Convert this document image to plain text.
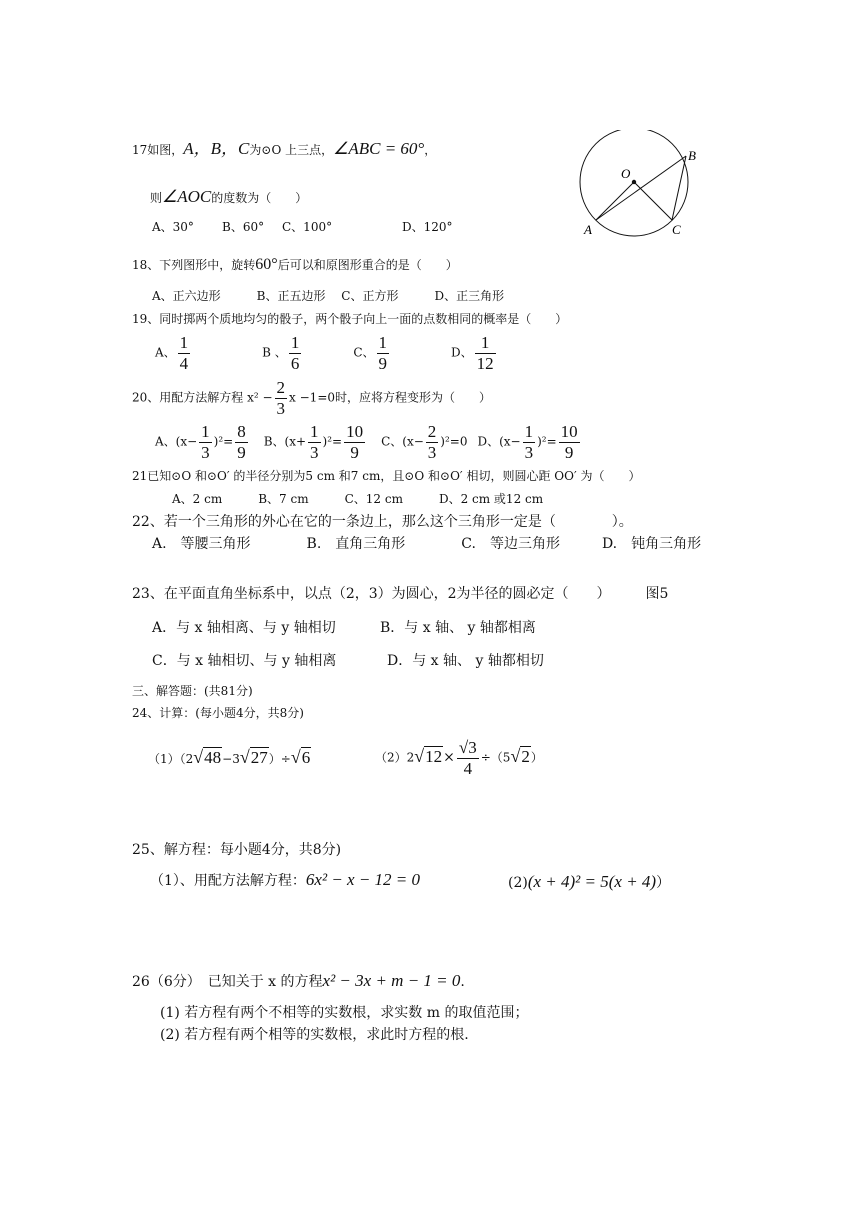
17如图，A，B，C为⊙O 上三点，∠ABC = 60°，
则∠AOC的度数为（　　）
A、30° B、60° C、100°	D、120°
O
A
B
C
18、下列图形中，旋转60°后可以和原图形重合的是（　　）
A、正六边形　　　B、正五边形　 C、正方形　　　D、正三角形
19、同时掷两个质地均匀的骰子，两个骰子向上一面的点数相同的概率是（　　）
A、 $\frac{1}{4}$	B 、 $\frac{1}{6}$	C、 $\frac{1}{9}$	D、 $\frac{1}{12}$
20、用配方法解方程 $x^2 - \frac{2}{3}$ x −1=0时，应将方程变形为（　　）
A、$(x- \frac{1}{3} )^2= \frac{8}{9}$ B、$(x+ \frac{1}{3} )^2= \frac{10}{9}$ C、$(x- \frac{2}{3} )^2=0$ D、$(x- \frac{1}{3} )^2= \frac{10}{9}$
21已知⊙O 和⊙O′ 的半径分别为5 cm 和7 cm，且⊙O 和⊙O′ 相切，则圆心距 OO′ 为（　　）
A、2 cm　　　B、7 cm　　　C、12 cm　　　D、2 cm 或12 cm
22、若一个三角形的外心在它的一条边上，那么这个三角形一定是（　　　　）。
A.　等腰三角形　　　　B.　直角三角形　　　　C.　等边三角形　　　D.　钝角三角形
23、在平面直角坐标系中，以点（2，3）为圆心，2为半径的圆必定（　　）　　　图5
A．与 x 轴相离、与 y 轴相切	B．与 x 轴、 y 轴都相离
C．与 x 轴相切、与 y 轴相离	D．与 x 轴、 y 轴都相切
三、解答题：(共81分)
24、计算：(每小题4分，共8分)
（1）（2√48−3√27）÷√6	$(2)2√12\times \frac{√3}{4} \div(5√2)$
25、解方程：每小题4分，共8分)
（1）、用配方法解方程：6x² − x − 12 = 0	(2)(x + 4)² = 5(x + 4)）
26（6分）　已知关于 x 的方程x² − 3x + m − 1 = 0.
(1) 若方程有两个不相等的实数根，求实数 m 的取值范围；
(2) 若方程有两个相等的实数根，求此时方程的根.
